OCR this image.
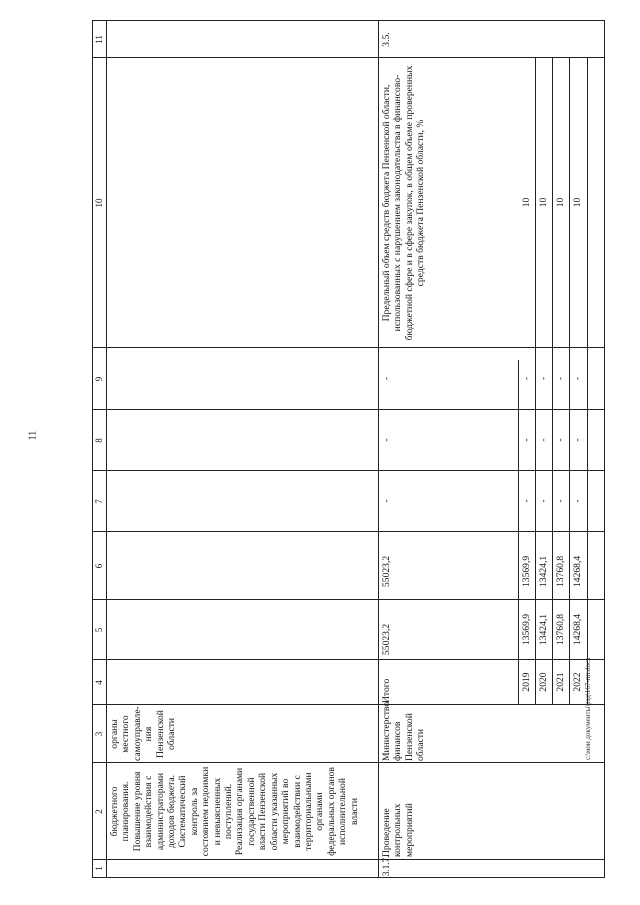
11
c:\мои документы\рзд\167-пп.docx
1
2
3
4
5
6
7
8
9
10
11
бюджетного планирования. Повышение уровня взаимодействия с администраторами доходов бюджета. Систематический контроль за состоянием недоимки и невыясненных поступлений. Реализация органами государственной власти Пензенской области указанных мероприятий во взаимодействии с территориальными органами федеральных органов исполнительной власти
органы местного самоуправле-ния Пензенской области
3.1.7.
Проведение контрольных мероприятий
Министерство финансов Пензенской области
Предельный объем средств бюджета Пензенской области, использованных с нарушением законодательства в финансово-бюджетной сфере и в сфере закупок, в общем объеме проверенных средств бюджета Пензенской области, %
3.5.
Итого
55023,2
55023,2
-
-
-
2019
13569,9
13569,9
-
-
-
10
2020
13424,1
13424,1
-
-
-
10
2021
13760,8
13760,8
-
-
-
10
2022
14268,4
14268,4
-
-
-
10
